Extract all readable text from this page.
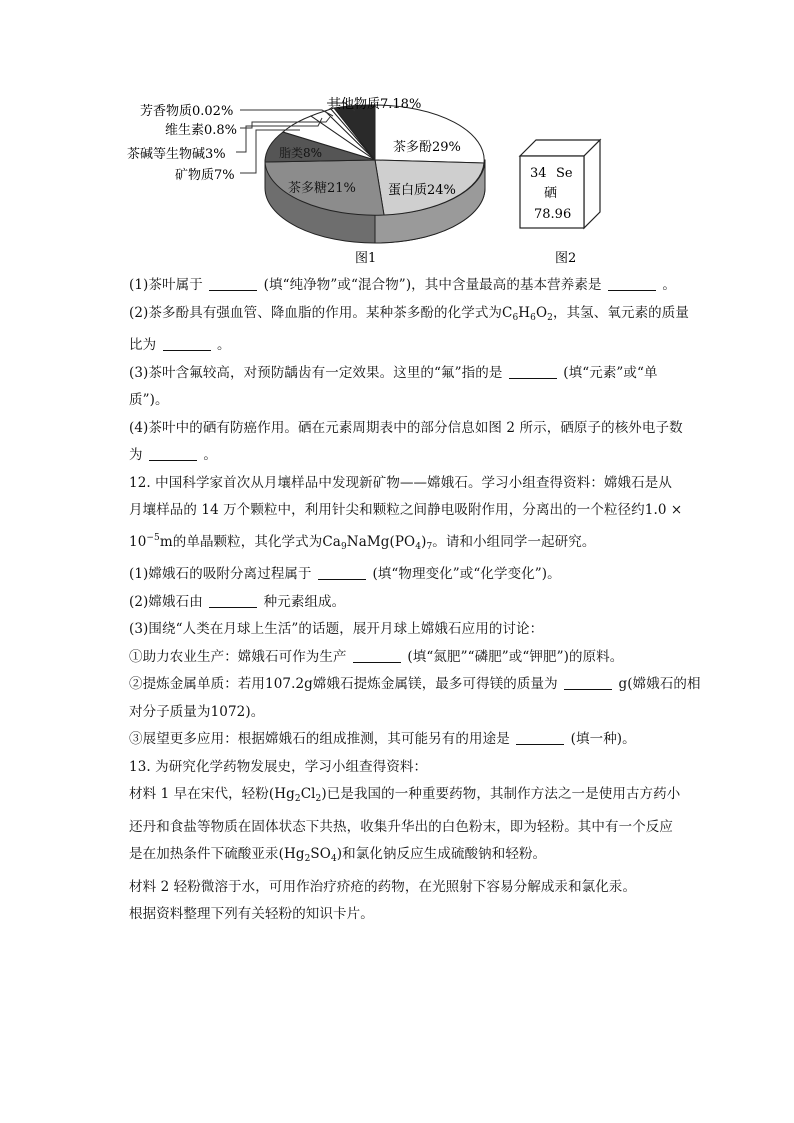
芳香物质0.02%
维生素0.8%
茶碱等生物碱3%
矿物质7%
其他物质7.18%
茶多酚29%
蛋白质24%
茶多糖21%
脂类8%
图1
34 Se
硒
78.96
图2
(1)茶叶属于	(填“纯净物”或“混合物”)，其中含量最高的基本营养素是	。
(2)茶多酚具有强血管、降血脂的作用。某种茶多酚的化学式为$C_6H_6O_2$，其氢、氧元素的质量
比为	。
(3)茶叶含氟较高，对预防龋齿有一定效果。这里的“氟”指的是	(填“元素”或“单
质”)。
(4)茶叶中的硒有防癌作用。硒在元素周期表中的部分信息如图 2 所示，硒原子的核外电子数
为	。
12. 中国科学家首次从月壤样品中发现新矿物——嫦娥石。学习小组查得资料：嫦娥石是从
月壤样品的 14 万个颗粒中，利用针尖和颗粒之间静电吸附作用，分离出的一个粒径约1.0 ×
$10^{-5}m$的单晶颗粒，其化学式为$Ca_9NaMg(PO_4)_7$。请和小组同学一起研究。
(1)嫦娥石的吸附分离过程属于	(填“物理变化”或“化学变化”)。
(2)嫦娥石由	种元素组成。
(3)围绕“人类在月球上生活”的话题，展开月球上嫦娥石应用的讨论：
①助力农业生产：嫦娥石可作为生产	(填“氮肥”“磷肥”或“钾肥”)的原料。
②提炼金属单质：若用107.2g嫦娥石提炼金属镁，最多可得镁的质量为	g(嫦娥石的相
对分子质量为1072)。
③展望更多应用：根据嫦娥石的组成推测，其可能另有的用途是	(填一种)。
13. 为研究化学药物发展史，学习小组查得资料：
材料 1 早在宋代，轻粉$(Hg_2Cl_2)$已是我国的一种重要药物，其制作方法之一是使用古方药小
还丹和食盐等物质在固体状态下共热，收集升华出的白色粉末，即为轻粉。其中有一个反应
是在加热条件下硫酸亚汞$(Hg_2SO_4)$和氯化钠反应生成硫酸钠和轻粉。
材料 2 轻粉微溶于水，可用作治疗疥疮的药物，在光照射下容易分解成汞和氯化汞。
根据资料整理下列有关轻粉的知识卡片。
